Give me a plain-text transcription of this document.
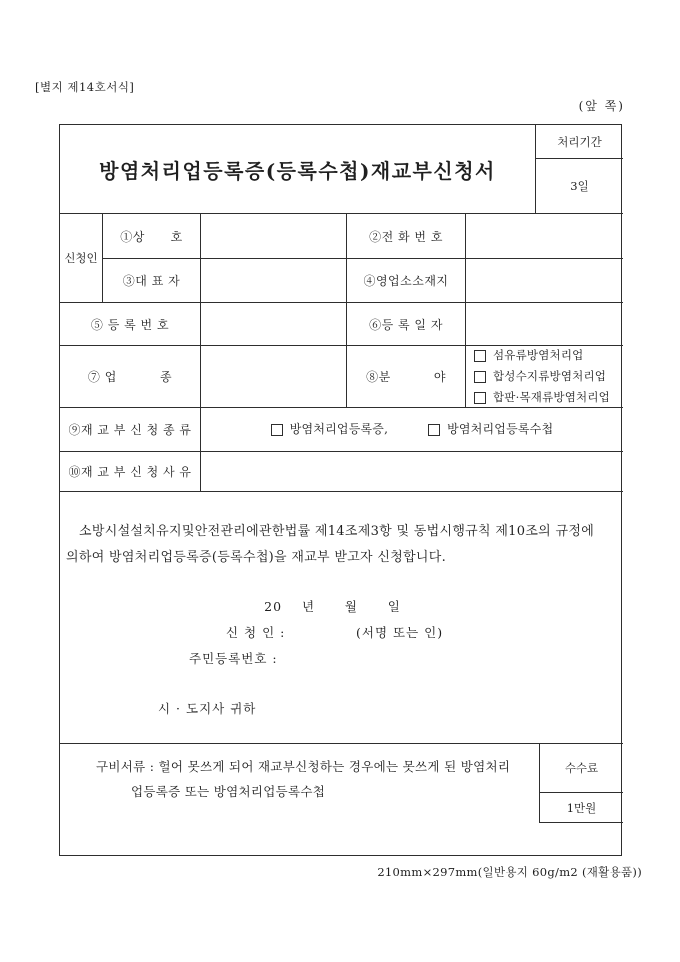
[별지 제14호서식]
(앞 쪽)
방염처리업등록증(등록수첩)재교부신청서
처리기간
3일
신청인
①상      호	②전 화 번 호
③대 표 자	④영업소소재지
⑤ 등 록 번 호	⑥등 록 일 자
⑦ 업          종	⑧분          야
섬유류방염처리업
합성수지류방염처리업
합판·목재류방염처리업
⑨재 교 부 신 청 종 류	방염처리업등록증,	방염처리업등록수첩
⑩재 교 부 신 청 사 유
소방시설설치유지및안전관리에관한법률 제14조제3항 및 동법시행규칙 제10조의 규정에
의하여 방염처리업등록증(등록수첩)을 재교부 받고자 신청합니다.
20    년      월      일
신 청 인 :	(서명 또는 인)
주민등록번호 :
시 · 도지사 귀하
구비서류 : 헐어 못쓰게 되어 재교부신청하는 경우에는 못쓰게 된 방염처리
업등록증 또는 방염처리업등록수첩
수수료
1만원
210mm×297mm(일반용지 60g/m2 (재활용품))
